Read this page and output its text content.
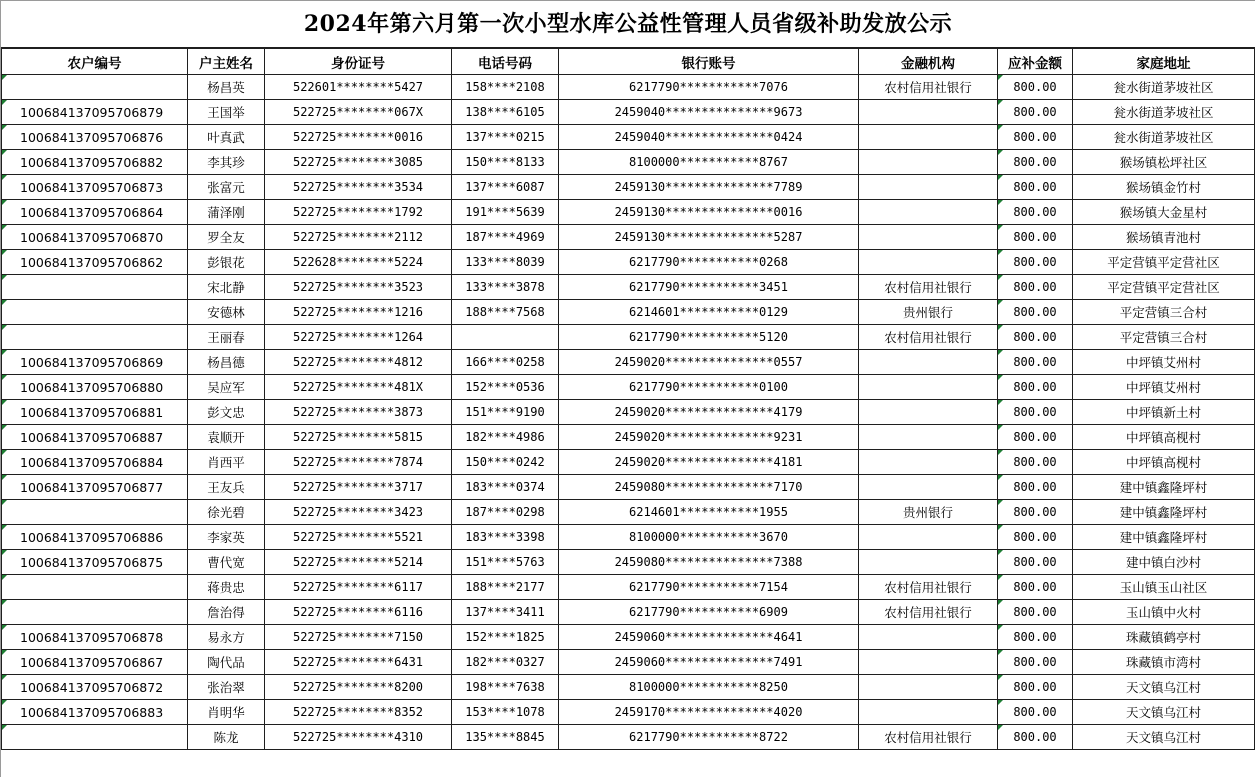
2024年第六月第一次小型水库公益性管理人员省级补助发放公示
农户编号	户主姓名	身份证号	电话号码	银行账号	金融机构	应补金额	家庭地址
	杨昌英	522601********5427	158****2108	6217790***********7076	农村信用社银行	800.00	瓮水街道茅坡社区
100684137095706879	王国举	522725********067X	138****6105	2459040***************9673		800.00	瓮水街道茅坡社区
100684137095706876	叶真武	522725********0016	137****0215	2459040***************0424		800.00	瓮水街道茅坡社区
100684137095706882	李其珍	522725********3085	150****8133	8100000***********8767		800.00	猴场镇松坪社区
100684137095706873	张富元	522725********3534	137****6087	2459130***************7789		800.00	猴场镇金竹村
100684137095706864	蒲泽刚	522725********1792	191****5639	2459130***************0016		800.00	猴场镇大金星村
100684137095706870	罗全友	522725********2112	187****4969	2459130***************5287		800.00	猴场镇青池村
100684137095706862	彭银花	522628********5224	133****8039	6217790***********0268		800.00	平定营镇平定营社区
	宋北静	522725********3523	133****3878	6217790***********3451	农村信用社银行	800.00	平定营镇平定营社区
	安德林	522725********1216	188****7568	6214601***********0129	贵州银行	800.00	平定营镇三合村
	王丽春	522725********1264		6217790***********5120	农村信用社银行	800.00	平定营镇三合村
100684137095706869	杨昌德	522725********4812	166****0258	2459020***************0557		800.00	中坪镇艾州村
100684137095706880	吴应军	522725********481X	152****0536	6217790***********0100		800.00	中坪镇艾州村
100684137095706881	彭文忠	522725********3873	151****9190	2459020***************4179		800.00	中坪镇新土村
100684137095706887	袁顺开	522725********5815	182****4986	2459020***************9231		800.00	中坪镇高枧村
100684137095706884	肖西平	522725********7874	150****0242	2459020***************4181		800.00	中坪镇高枧村
100684137095706877	王友兵	522725********3717	183****0374	2459080***************7170		800.00	建中镇鑫隆坪村
	徐光碧	522725********3423	187****0298	6214601***********1955	贵州银行	800.00	建中镇鑫隆坪村
100684137095706886	李家英	522725********5521	183****3398	8100000***********3670		800.00	建中镇鑫隆坪村
100684137095706875	曹代宽	522725********5214	151****5763	2459080***************7388		800.00	建中镇白沙村
	蒋贵忠	522725********6117	188****2177	6217790***********7154	农村信用社银行	800.00	玉山镇玉山社区
	詹治得	522725********6116	137****3411	6217790***********6909	农村信用社银行	800.00	玉山镇中火村
100684137095706878	易永方	522725********7150	152****1825	2459060***************4641		800.00	珠藏镇鹤亭村
100684137095706867	陶代品	522725********6431	182****0327	2459060***************7491		800.00	珠藏镇市湾村
100684137095706872	张治翠	522725********8200	198****7638	8100000***********8250		800.00	天文镇乌江村
100684137095706883	肖明华	522725********8352	153****1078	2459170***************4020		800.00	天文镇乌江村
	陈龙	522725********4310	135****8845	6217790***********8722	农村信用社银行	800.00	天文镇乌江村
